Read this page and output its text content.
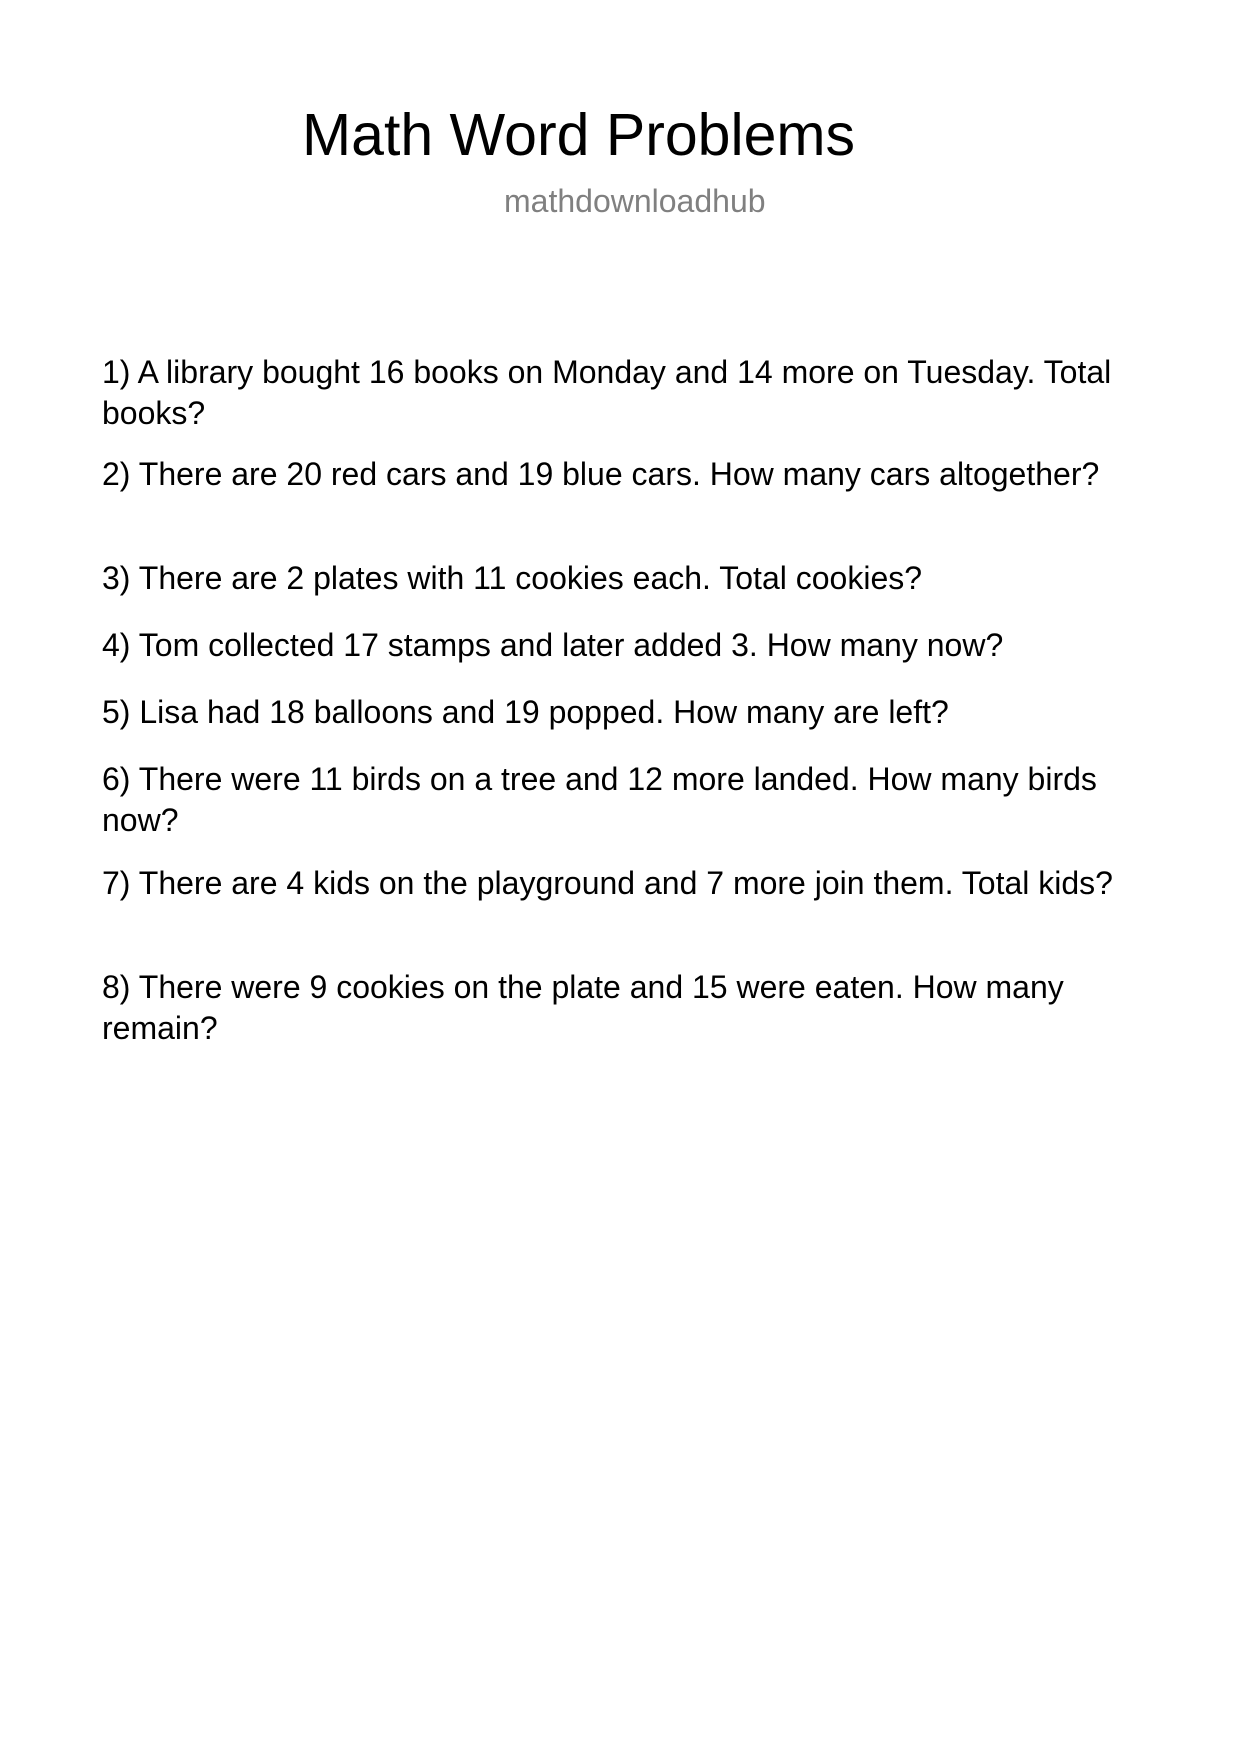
Math Word Problems
mathdownloadhub
1) A library bought 16 books on Monday and 14 more on Tuesday. Total books?
2) There are 20 red cars and 19 blue cars. How many cars altogether?
3) There are 2 plates with 11 cookies each. Total cookies?
4) Tom collected 17 stamps and later added 3. How many now?
5) Lisa had 18 balloons and 19 popped. How many are left?
6) There were 11 birds on a tree and 12 more landed. How many birds now?
7) There are 4 kids on the playground and 7 more join them. Total kids?
8) There were 9 cookies on the plate and 15 were eaten. How many remain?
